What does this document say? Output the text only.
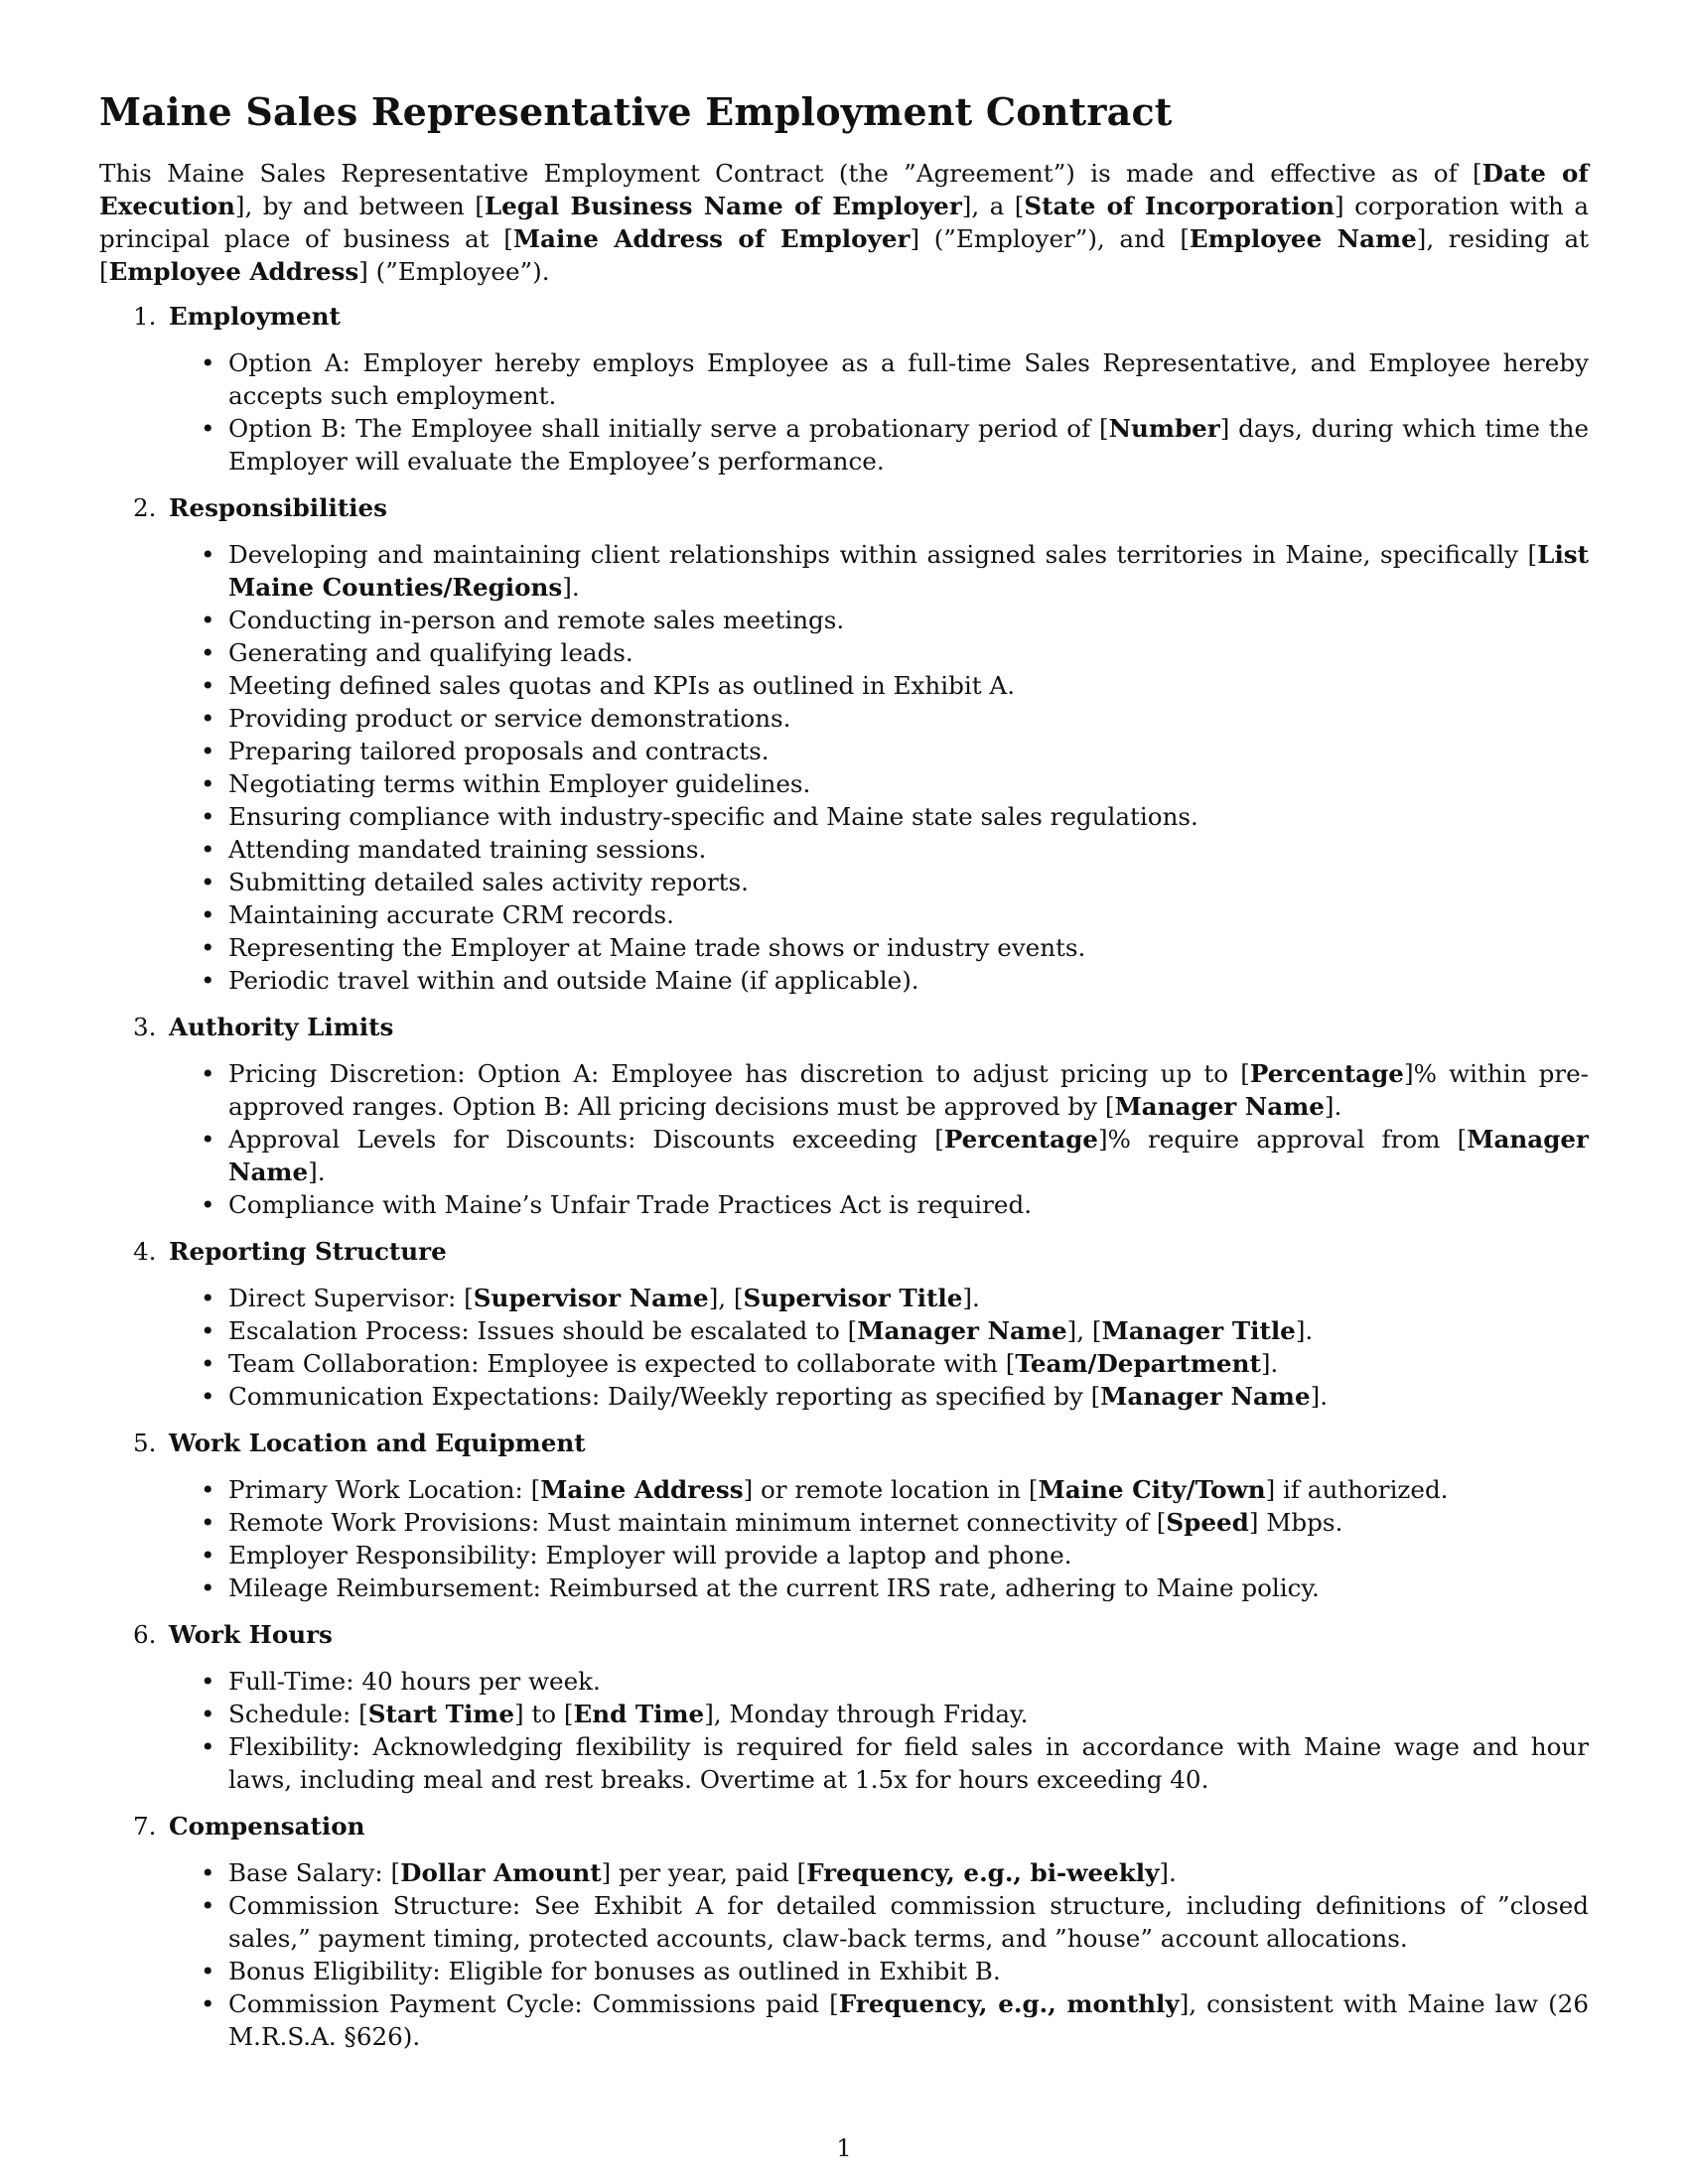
Maine Sales Representative Employment Contract

This Maine Sales Representative Employment Contract (the ”Agreement”) is made and effective as of [Date of Execution], by and between [Legal Business Name of Employer], a [State of Incorporation] corporation with a principal place of business at [Maine Address of Employer] (”Employer”), and [Employee Name], residing at [Employee Address] (”Employee”).

1. Employment
• Option A: Employer hereby employs Employee as a full-time Sales Representative, and Employee hereby accepts such employment.
• Option B: The Employee shall initially serve a probationary period of [Number] days, during which time the Employer will evaluate the Employee’s performance.
2. Responsibilities
• Developing and maintaining client relationships within assigned sales territories in Maine, specifically [List Maine Counties/Regions].
• Conducting in-person and remote sales meetings.
• Generating and qualifying leads.
• Meeting defined sales quotas and KPIs as outlined in Exhibit A.
• Providing product or service demonstrations.
• Preparing tailored proposals and contracts.
• Negotiating terms within Employer guidelines.
• Ensuring compliance with industry-specific and Maine state sales regulations.
• Attending mandated training sessions.
• Submitting detailed sales activity reports.
• Maintaining accurate CRM records.
• Representing the Employer at Maine trade shows or industry events.
• Periodic travel within and outside Maine (if applicable).
3. Authority Limits
• Pricing Discretion: Option A: Employee has discretion to adjust pricing up to [Percentage]% within pre-approved ranges. Option B: All pricing decisions must be approved by [Manager Name].
• Approval Levels for Discounts: Discounts exceeding [Percentage]% require approval from [Manager Name].
• Compliance with Maine’s Unfair Trade Practices Act is required.
4. Reporting Structure
• Direct Supervisor: [Supervisor Name], [Supervisor Title].
• Escalation Process: Issues should be escalated to [Manager Name], [Manager Title].
• Team Collaboration: Employee is expected to collaborate with [Team/Department].
• Communication Expectations: Daily/Weekly reporting as specified by [Manager Name].
5. Work Location and Equipment
• Primary Work Location: [Maine Address] or remote location in [Maine City/Town] if authorized.
• Remote Work Provisions: Must maintain minimum internet connectivity of [Speed] Mbps.
• Employer Responsibility: Employer will provide a laptop and phone.
• Mileage Reimbursement: Reimbursed at the current IRS rate, adhering to Maine policy.
6. Work Hours
• Full-Time: 40 hours per week.
• Schedule: [Start Time] to [End Time], Monday through Friday.
• Flexibility: Acknowledging flexibility is required for field sales in accordance with Maine wage and hour laws, including meal and rest breaks. Overtime at 1.5x for hours exceeding 40.
7. Compensation
• Base Salary: [Dollar Amount] per year, paid [Frequency, e.g., bi-weekly].
• Commission Structure: See Exhibit A for detailed commission structure, including definitions of ”closed sales,” payment timing, protected accounts, claw-back terms, and ”house” account allocations.
• Bonus Eligibility: Eligible for bonuses as outlined in Exhibit B.
• Commission Payment Cycle: Commissions paid [Frequency, e.g., monthly], consistent with Maine law (26 M.R.S.A. §626).
1
